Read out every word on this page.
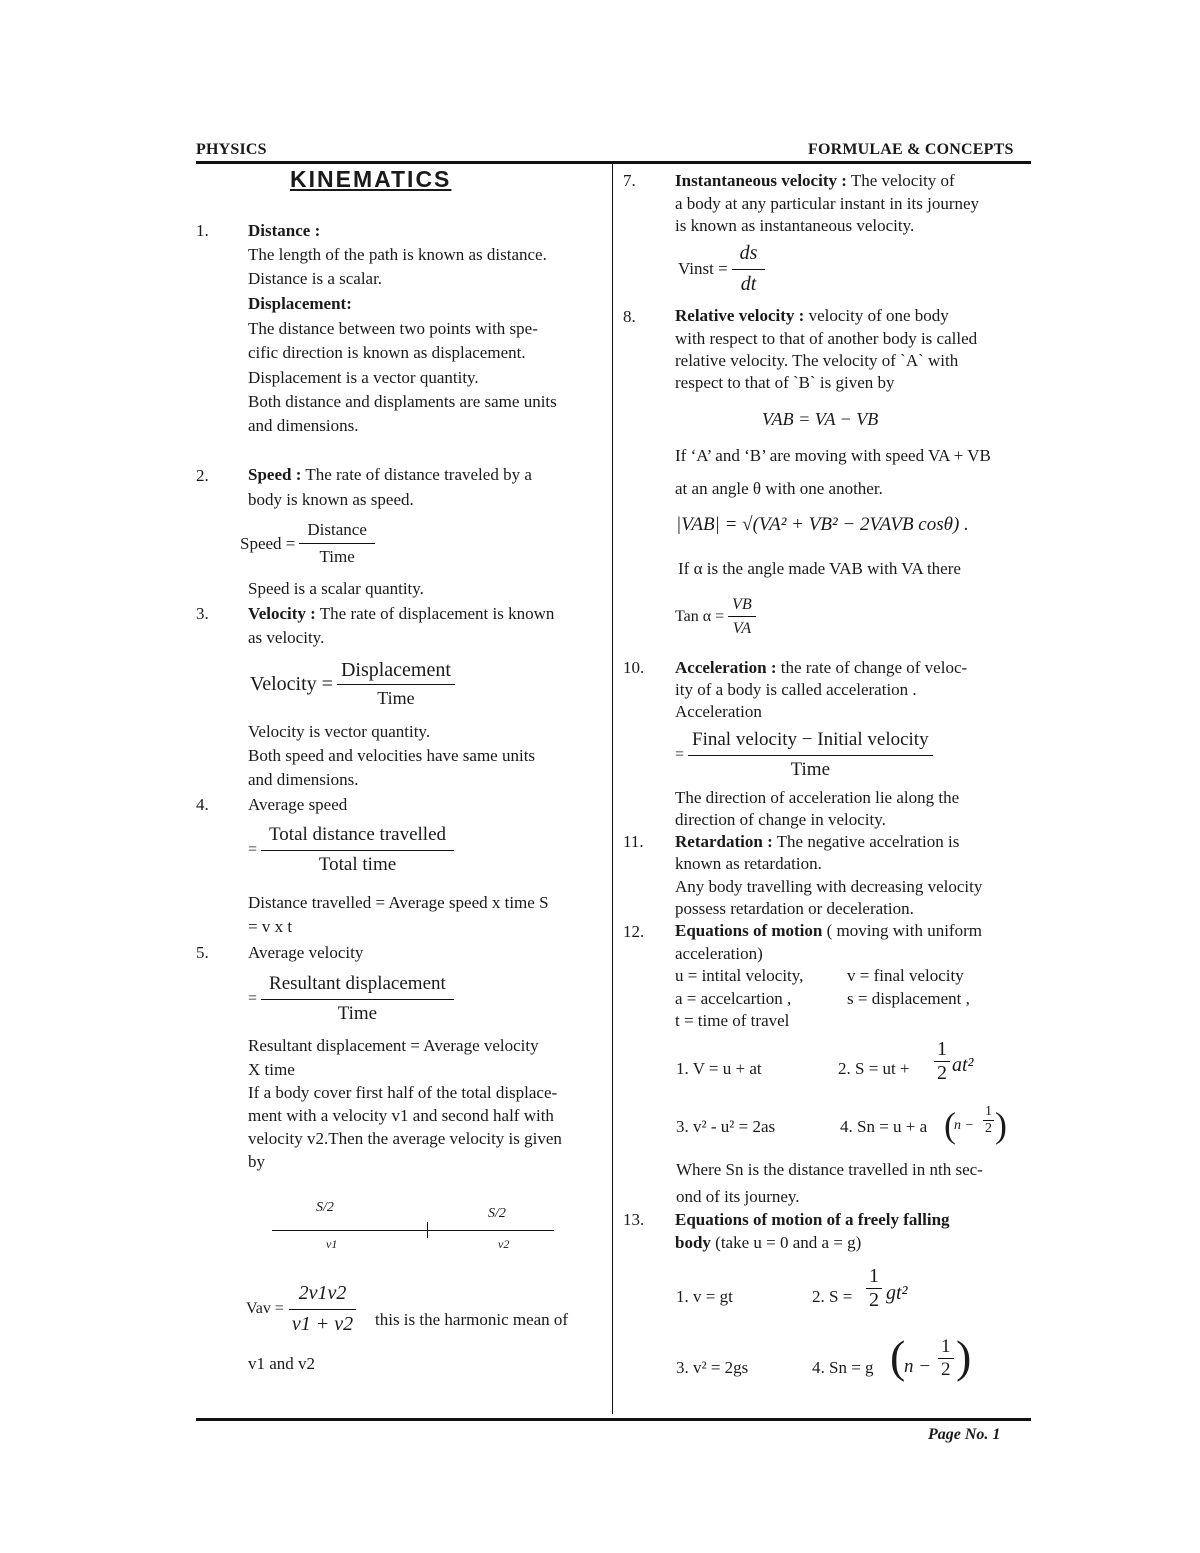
PHYSICS	FORMULAE & CONCEPTS
Page No. 1
KINEMATICS
1. Distance :
The length of the path is known as distance.
Distance is a scalar.
Displacement:
The distance between two points with spe-
cific direction is known as displacement.
Displacement is a vector quantity.
Both distance and displaments are same units
and dimensions.
2. Speed : The rate of distance traveled by a
body is known as speed.
Speed =
Distance
Time
Speed is a scalar quantity.
3. Velocity : The rate of displacement is known
as velocity.
Velocity =
Displacement
Time
Velocity is vector quantity.
Both speed and velocities have same units
and dimensions.
4. Average speed
=
Total distance travelled
Total time
Distance travelled = Average speed x time S
= v x t
5. Average velocity
=
Resultant displacement
Time
Resultant displacement = Average velocity
X time
If a body cover first half of the total displace-
ment with a velocity v1 and second half with
velocity v2.Then the average velocity is given
by
S/2	S/2
v1	v2
Vav = $\frac{2v1v2}{v1 + v2}$ this is the harmonic mean of
v1 and v2
7. Instantaneous velocity : The velocity of
a body at any particular instant in its journey
is known as instantaneous velocity.
Vinst = $\frac{ds}{dt}$
8. Relative velocity : velocity of one body
with respect to that of another body is called
relative velocity. The velocity of `A` with
respect to that of `B` is given by
VAB = VA − VB
If ‘A’ and ‘B’ are moving with speed VA + VB
at an angle θ with one another.
|VAB| = √(VA² + VB² − 2VAVB cosθ) .
If α is the angle made VAB with VA there
Tan $\alpha = \frac{VB}{VA}$
10. Acceleration : the rate of change of veloc-
ity of a body is called acceleration .
Acceleration
=
Final velocity − Initial velocity
Time
The direction of acceleration lie along the
direction of change in velocity.
11. Retardation : The negative accelration is
known as retardation.
Any body travelling with decreasing velocity
possess retardation or deceleration.
12. Equations of motion ( moving with uniform
acceleration)
u = intital velocity,	v = final velocity
a = accelcartion ,	s = displacement ,
t = time of travel
1. V = u + at	2. S = ut + $\frac{1}{2} at^2$
3. v² - u² = 2as	4. Sn = u + a (
$n - \frac{1}{2}$ )
Where Sn is the distance travelled in nth sec-
ond of its journey.
13. Equations of motion of a freely falling
body (take u = 0 and a = g)
1. v = gt	2. $S = \frac{1}{2} gt^2$
3. v² = 2gs	4. Sn = g (
$n - \frac{1}{2}$ )
